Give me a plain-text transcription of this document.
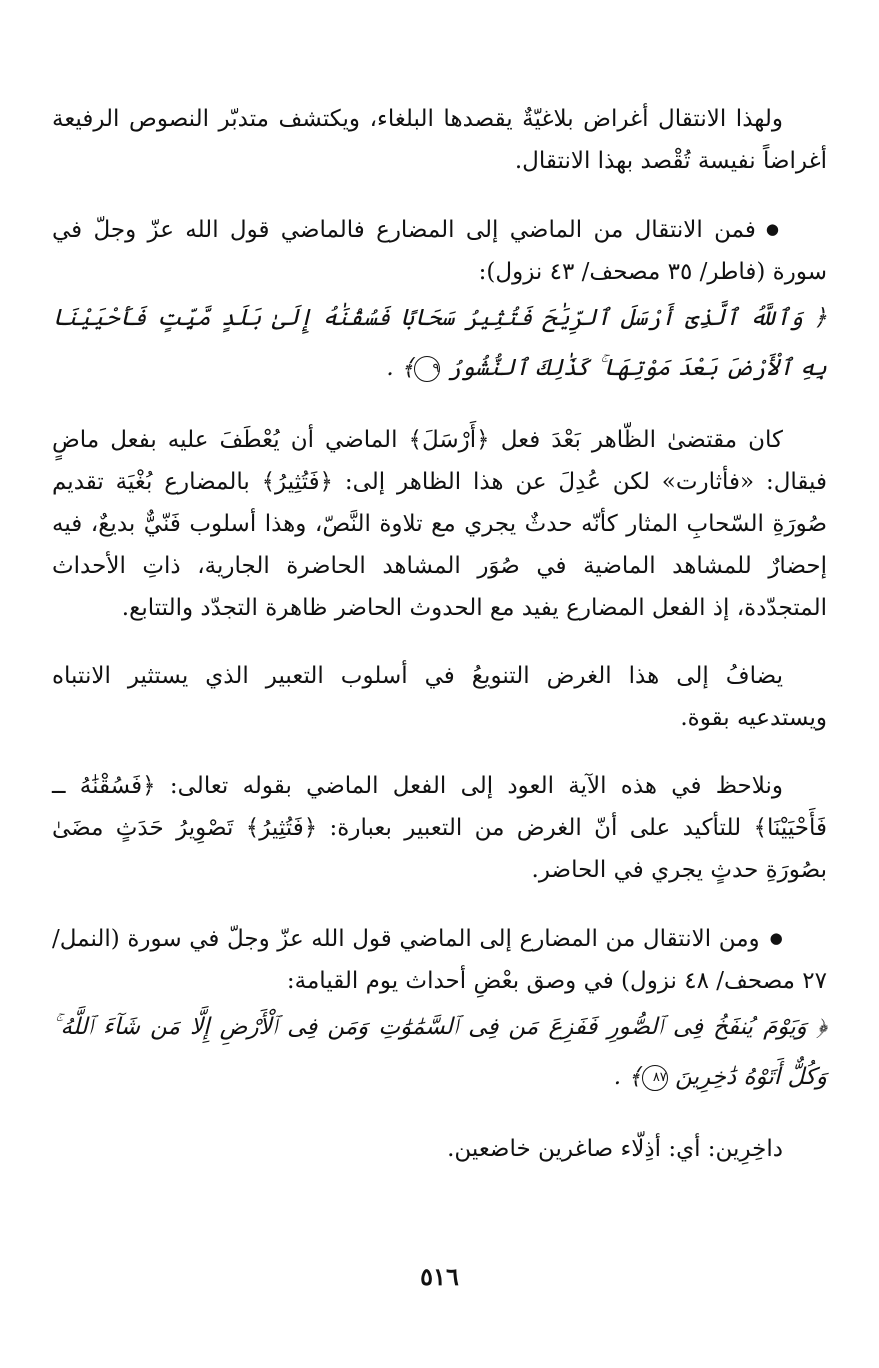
ولهذا الانتقال أغراض بلاغيّةٌ يقصدها البلغاء، ويكتشف متدبّر النصوص الرفيعة أغراضاً نفيسة تُقْصد بهذا الانتقال.

● فمن الانتقال من الماضي إلى المضارع فالماضي قول الله عزّ وجلّ في سورة (فاطر/ ٣٥ مصحف/ ٤٣ نزول):

﴿ وَٱللَّهُ ٱلَّذِىٓ أَرْسَلَ ٱلرِّيَٰحَ فَتُثِيرُ سَحَابًا فَسُقْنَٰهُ إِلَىٰ بَلَدٍ مَّيِّتٍ فَأَحْيَيْنَا بِهِ ٱلْأَرْضَ بَعْدَ مَوْتِهَا ۚ كَذَٰلِكَ ٱلنُّشُورُ ٩﴾ .

كان مقتضىٰ الظّاهر بَعْدَ فعل ﴿أَرْسَلَ﴾ الماضي أن يُعْطَفَ عليه بفعل ماضٍ فيقال: «فأثارت» لكن عُدِلَ عن هذا الظاهر إلى: ﴿فَتُثِيرُ﴾ بالمضارع بُغْيَة تقديم صُورَةِ السّحابِ المثار كأنّه حدثٌ يجري مع تلاوة النَّصّ، وهذا أسلوب فَنّيٌّ بديعٌ، فيه إحضارٌ للمشاهد الماضية في صُوَر المشاهد الحاضرة الجارية، ذاتِ الأحداث المتجدّدة، إذ الفعل المضارع يفيد مع الحدوث الحاضر ظاهرة التجدّد والتتابع.

يضافُ إلى هذا الغرض التنويعُ في أسلوب التعبير الذي يستثير الانتباه ويستدعيه بقوة.

ونلاحظ في هذه الآية العود إلى الفعل الماضي بقوله تعالى: ﴿فَسُقْنَٰهُ ــ فَأَحْيَيْنَا﴾ للتأكيد على أنّ الغرض من التعبير بعبارة: ﴿فَتُثِيرُ﴾ تَصْوِيرُ حَدَثٍ مضَىٰ بصُورَةِ حدثٍ يجري في الحاضر.

● ومن الانتقال من المضارع إلى الماضي قول الله عزّ وجلّ في سورة (النمل/ ٢٧ مصحف/ ٤٨ نزول) في وصق بعْضِ أحداث يوم القيامة:

﴿ وَيَوْمَ يُنفَخُ فِى ٱلصُّورِ فَفَزِعَ مَن فِى ٱلسَّمَٰوَٰتِ وَمَن فِى ٱلْأَرْضِ إِلَّا مَن شَآءَ ٱللَّهُ ۚ وَكُلٌّ أَتَوْهُ دَٰخِرِينَ ٨٧﴾ .

داخِرِين: أي: أذِلّاء صاغرين خاضعين.

٥١٦
